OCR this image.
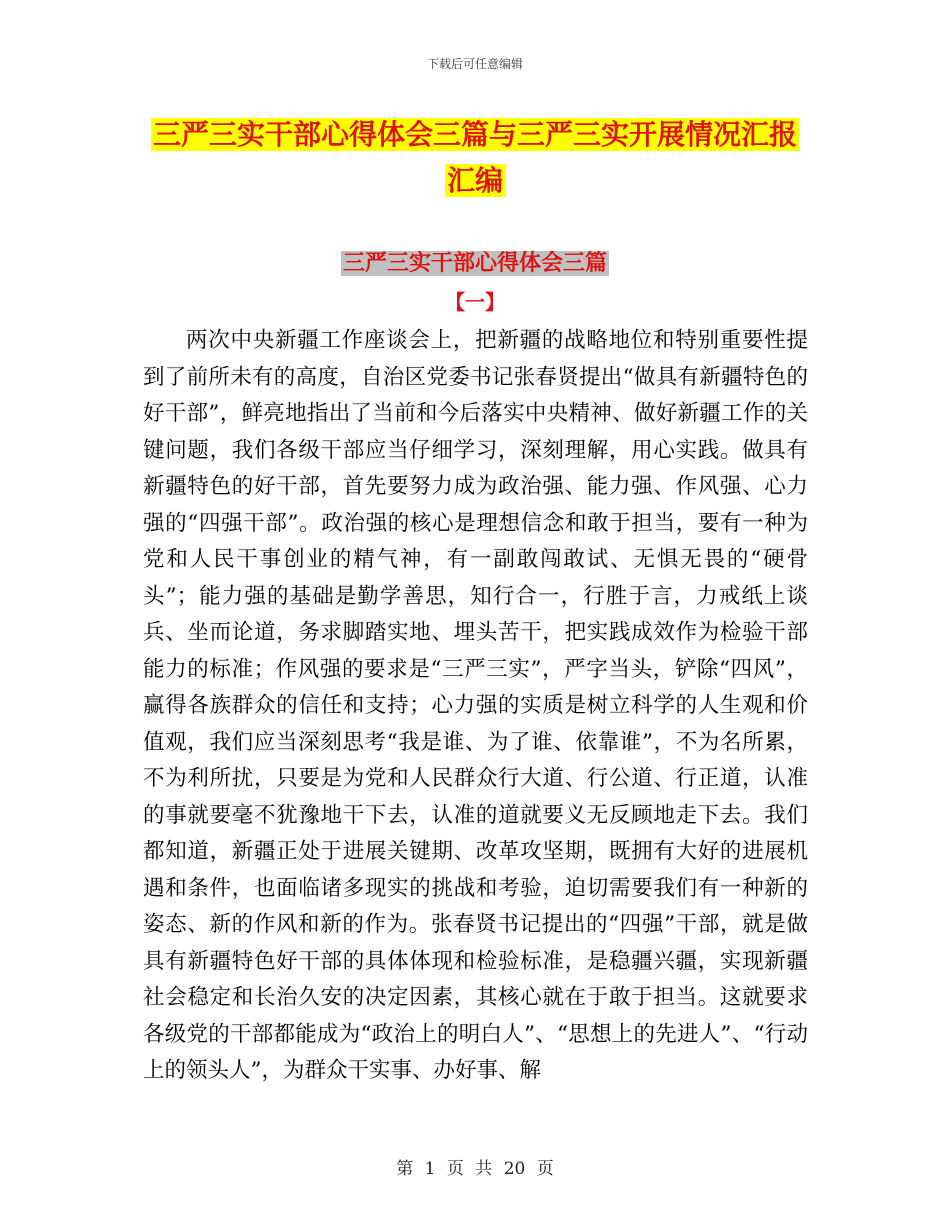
下载后可任意编辑
三严三实干部心得体会三篇与三严三实开展情况汇报
汇编
三严三实干部心得体会三篇
【一】

两次中央新疆工作座谈会上，把新疆的战略地位和特别重要性提到了前所未有的高度，自治区党委书记张春贤提出“做具有新疆特色的好干部”，鲜亮地指出了当前和今后落实中央精神、做好新疆工作的关键问题，我们各级干部应当仔细学习，深刻理解，用心实践。做具有新疆特色的好干部，首先要努力成为政治强、能力强、作风强、心力强的“四强干部”。政治强的核心是理想信念和敢于担当，要有一种为党和人民干事创业的精气神，有一副敢闯敢试、无惧无畏的“硬骨头”；能力强的基础是勤学善思，知行合一，行胜于言，力戒纸上谈兵、坐而论道，务求脚踏实地、埋头苦干，把实践成效作为检验干部能力的标准；作风强的要求是“三严三实”，严字当头，铲除“四风”，赢得各族群众的信任和支持；心力强的实质是树立科学的人生观和价值观，我们应当深刻思考“我是谁、为了谁、依靠谁”，不为名所累，不为利所扰，只要是为党和人民群众行大道、行公道、行正道，认准的事就要毫不犹豫地干下去，认准的道就要义无反顾地走下去。我们都知道，新疆正处于进展关键期、改革攻坚期，既拥有大好的进展机遇和条件，也面临诸多现实的挑战和考验，迫切需要我们有一种新的姿态、新的作风和新的作为。张春贤书记提出的“四强”干部，就是做具有新疆特色好干部的具体体现和检验标准，是稳疆兴疆，实现新疆社会稳定和长治久安的决定因素，其核心就在于敢于担当。这就要求各级党的干部都能成为“政治上的明白人”、“思想上的先进人”、“行动上的领头人”，为群众干实事、办好事、解

第 1 页 共 20 页
